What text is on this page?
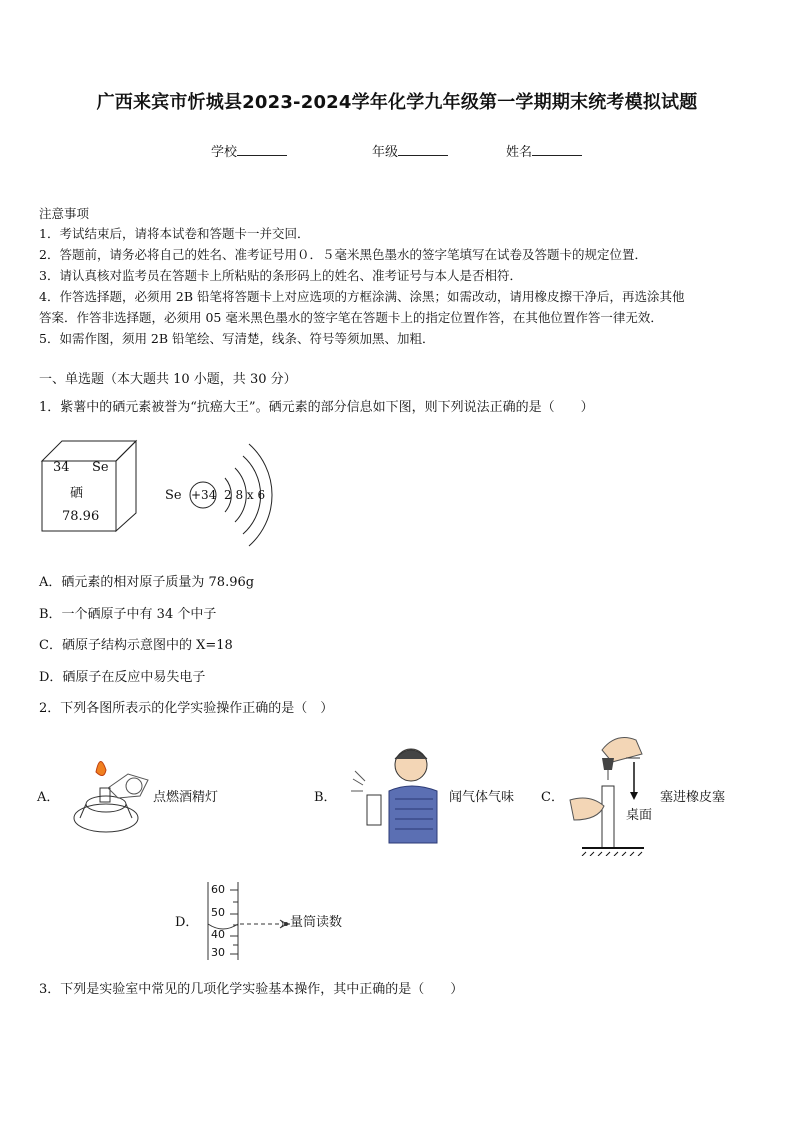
广西来宾市忻城县2023-2024学年化学九年级第一学期期末统考模拟试题
学校	年级	姓名
注意事项
1．考试结束后，请将本试卷和答题卡一并交回．
2．答题前，请务必将自己的姓名、准考证号用０．５毫米黑色墨水的签字笔填写在试卷及答题卡的规定位置．
3．请认真核对监考员在答题卡上所粘贴的条形码上的姓名、准考证号与本人是否相符．
4．作答选择题，必须用 2B 铅笔将答题卡上对应选项的方框涂满、涂黑；如需改动，请用橡皮擦干净后，再选涂其他
答案．作答非选择题，必须用 05 毫米黑色墨水的签字笔在答题卡上的指定位置作答，在其他位置作答一律无效．
5．如需作图，须用 2B 铅笔绘、写清楚，线条、符号等须加黑、加粗．
一、单选题（本大题共 10 小题，共 30 分）
1．紫薯中的硒元素被誉为“抗癌大王”。硒元素的部分信息如下图，则下列说法正确的是（　　）
34 Se
硒
78.96
Se +34 2 8 x 6
A．硒元素的相对原子质量为 78.96g
B．一个硒原子中有 34 个中子
C．硒原子结构示意图中的 X=18
D．硒原子在反应中易失电子
2．下列各图所表示的化学实验操作正确的是（　）
A．	点燃酒精灯	B．	闻气体气味 C．
桌面
塞进橡皮塞
D．
60
50
40
30
量筒读数
3．下列是实验室中常见的几项化学实验基本操作，其中正确的是（　　）
